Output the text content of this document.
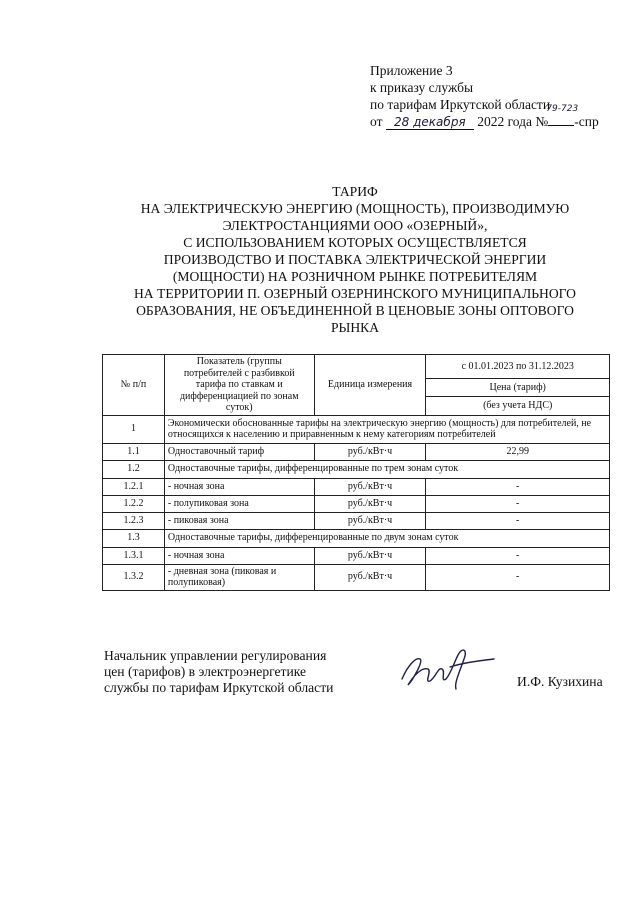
Приложение 3
к приказу службы
по тарифам Иркутской области
от 28 декабря 2022 года №
79-723
-спр
ТАРИФ
НА ЭЛЕКТРИЧЕСКУЮ ЭНЕРГИЮ (МОЩНОСТЬ), ПРОИЗВОДИМУЮ
ЭЛЕКТРОСТАНЦИЯМИ ООО «ОЗЕРНЫЙ»,
С ИСПОЛЬЗОВАНИЕМ КОТОРЫХ ОСУЩЕСТВЛЯЕТСЯ
ПРОИЗВОДСТВО И ПОСТАВКА ЭЛЕКТРИЧЕСКОЙ ЭНЕРГИИ
(МОЩНОСТИ) НА РОЗНИЧНОМ РЫНКЕ ПОТРЕБИТЕЛЯМ
НА ТЕРРИТОРИИ П. ОЗЕРНЫЙ ОЗЕРНИНСКОГО МУНИЦИПАЛЬНОГО
ОБРАЗОВАНИЯ, НЕ ОБЪЕДИНЕННОЙ В ЦЕНОВЫЕ ЗОНЫ ОПТОВОГО
РЫНКА
№ п/п	Показатель (группы потребителей с разбивкой тарифа по ставкам и дифференциацией по зонам суток)	Единица измерения	с 01.01.2023 по 31.12.2023
			Цена (тариф)
			(без учета НДС)
1	Экономически обоснованные тарифы на электрическую энергию (мощность) для потребителей, не относящихся к населению и приравненным к нему категориям потребителей		
1.1	Одноставочный тариф	руб./кВт·ч	22,99
1.2	Одноставочные тарифы, дифференцированные по трем зонам суток		
1.2.1	- ночная зона	руб./кВт·ч	-
1.2.2	- полупиковая зона	руб./кВт·ч	-
1.2.3	- пиковая зона	руб./кВт·ч	-
1.3	Одноставочные тарифы, дифференцированные по двум зонам суток		
1.3.1	- ночная зона	руб./кВт·ч	-
1.3.2	- дневная зона (пиковая и полупиковая)	руб./кВт·ч	-
Начальник управлении регулирования
цен (тарифов) в электроэнергетике
службы по тарифам Иркутской области	И.Ф. Кузихина
